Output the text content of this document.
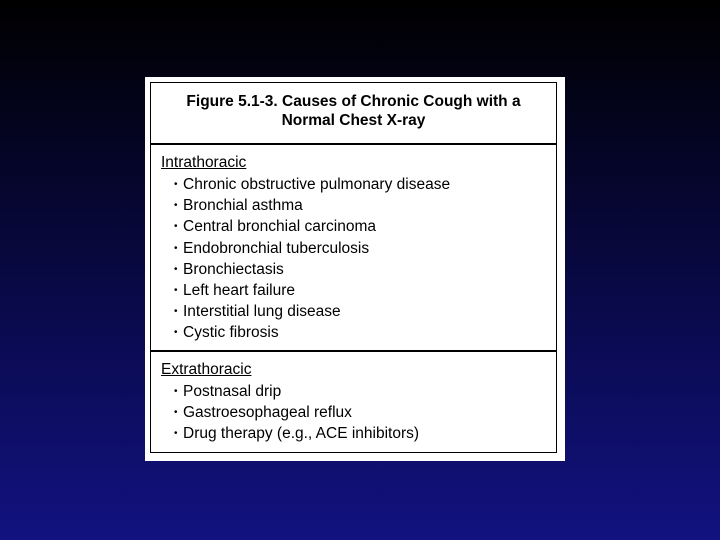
Figure 5.1-3. Causes of Chronic Cough with a
Normal Chest X-ray
Intrathoracic
• Chronic obstructive pulmonary disease
• Bronchial asthma
• Central bronchial carcinoma
• Endobronchial tuberculosis
• Bronchiectasis
• Left heart failure
• Interstitial lung disease
• Cystic fibrosis
Extrathoracic
• Postnasal drip
• Gastroesophageal reflux
• Drug therapy (e.g., ACE inhibitors)
